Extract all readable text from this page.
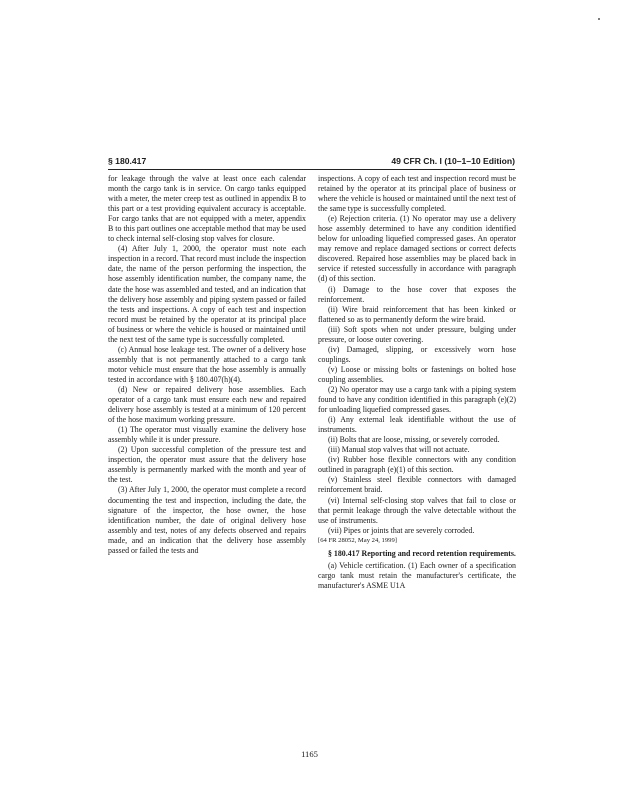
§ 180.417	49 CFR Ch. I (10–1–10 Edition)

for leakage through the valve at least once each calendar month the cargo tank is in service. On cargo tanks equipped with a meter, the meter creep test as outlined in appendix B to this part or a test providing equivalent accuracy is acceptable. For cargo tanks that are not equipped with a meter, appendix B to this part outlines one acceptable method that may be used to check internal self-closing stop valves for closure.

(4) After July 1, 2000, the operator must note each inspection in a record. That record must include the inspection date, the name of the person performing the inspection, the hose assembly identification number, the company name, the date the hose was assembled and tested, and an indication that the delivery hose assembly and piping system passed or failed the tests and inspections. A copy of each test and inspection record must be retained by the operator at its principal place of business or where the vehicle is housed or maintained until the next test of the same type is successfully completed.

(c) Annual hose leakage test. The owner of a delivery hose assembly that is not permanently attached to a cargo tank motor vehicle must ensure that the hose assembly is annually tested in accordance with § 180.407(h)(4).

(d) New or repaired delivery hose assemblies. Each operator of a cargo tank must ensure each new and repaired delivery hose assembly is tested at a minimum of 120 percent of the hose maximum working pressure.

(1) The operator must visually examine the delivery hose assembly while it is under pressure.

(2) Upon successful completion of the pressure test and inspection, the operator must assure that the delivery hose assembly is permanently marked with the month and year of the test.

(3) After July 1, 2000, the operator must complete a record documenting the test and inspection, including the date, the signature of the inspector, the hose owner, the hose identification number, the date of original delivery hose assembly and test, notes of any defects observed and repairs made, and an indication that the delivery hose assembly passed or failed the tests and

inspections. A copy of each test and inspection record must be retained by the operator at its principal place of business or where the vehicle is housed or maintained until the next test of the same type is successfully completed.

(e) Rejection criteria. (1) No operator may use a delivery hose assembly determined to have any condition identified below for unloading liquefied compressed gases. An operator may remove and replace damaged sections or correct defects discovered. Repaired hose assemblies may be placed back in service if retested successfully in accordance with paragraph (d) of this section.

(i) Damage to the hose cover that exposes the reinforcement.

(ii) Wire braid reinforcement that has been kinked or flattened so as to permanently deform the wire braid.

(iii) Soft spots when not under pressure, bulging under pressure, or loose outer covering.

(iv) Damaged, slipping, or excessively worn hose couplings.

(v) Loose or missing bolts or fastenings on bolted hose coupling assemblies.

(2) No operator may use a cargo tank with a piping system found to have any condition identified in this paragraph (e)(2) for unloading liquefied compressed gases.

(i) Any external leak identifiable without the use of instruments.

(ii) Bolts that are loose, missing, or severely corroded.

(iii) Manual stop valves that will not actuate.

(iv) Rubber hose flexible connectors with any condition outlined in paragraph (e)(1) of this section.

(v) Stainless steel flexible connectors with damaged reinforcement braid.

(vi) Internal self-closing stop valves that fail to close or that permit leakage through the valve detectable without the use of instruments.

(vii) Pipes or joints that are severely corroded.

[64 FR 28052, May 24, 1999]

§ 180.417 Reporting and record retention requirements.

(a) Vehicle certification. (1) Each owner of a specification cargo tank must retain the manufacturer's certificate, the manufacturer's ASME U1A

1165
